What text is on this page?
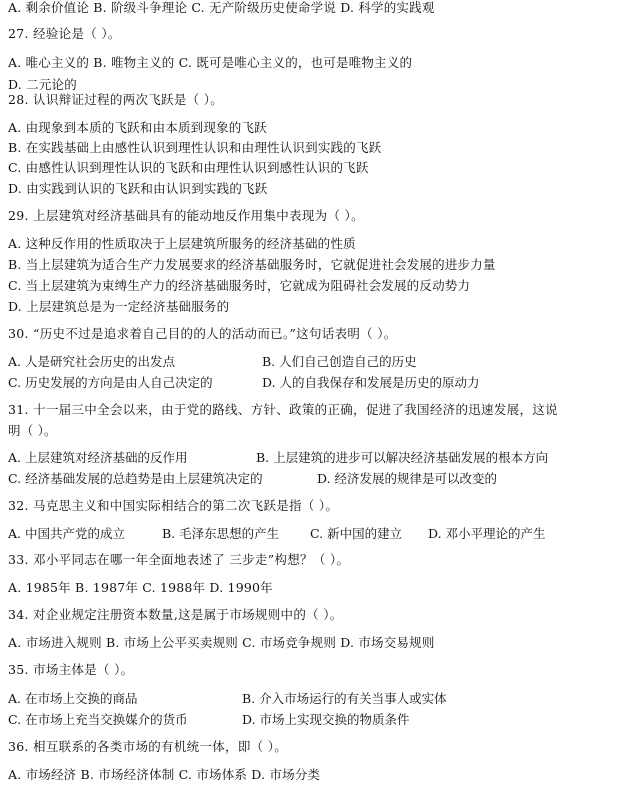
A. 剩余价值论 B. 阶级斗争理论 C. 无产阶级历史使命学说 D. 科学的实践观
27. 经验论是（ ）。
A. 唯心主义的 B. 唯物主义的 C. 既可是唯心主义的，也可是唯物主义的
D. 二元论的
28. 认识辩证过程的两次飞跃是（ ）。
A. 由现象到本质的飞跃和由本质到现象的飞跃
B. 在实践基础上由感性认识到理性认识和由理性认识到实践的飞跃
C. 由感性认识到理性认识的飞跃和由理性认识到感性认识的飞跃
D. 由实践到认识的飞跃和由认识到实践的飞跃
29. 上层建筑对经济基础具有的能动地反作用集中表现为（ ）。
A. 这种反作用的性质取决于上层建筑所服务的经济基础的性质
B. 当上层建筑为适合生产力发展要求的经济基础服务时，它就促进社会发展的进步力量
C. 当上层建筑为束缚生产力的经济基础服务时，它就成为阻碍社会发展的反动势力
D. 上层建筑总是为一定经济基础服务的
30. “历史不过是追求着自己目的的人的活动而已。”这句话表明（ ）。
A. 人是研究社会历史的出发点	B. 人们自己创造自己的历史
C. 历史发展的方向是由人自己决定的	D. 人的自我保存和发展是历史的原动力
31. 十一届三中全会以来，由于党的路线、方针、政策的正确，促进了我国经济的迅速发展，这说
明（ ）。
A. 上层建筑对经济基础的反作用	B. 上层建筑的进步可以解决经济基础发展的根本方向
C. 经济基础发展的总趋势是由上层建筑决定的	D. 经济发展的规律是可以改变的
32. 马克思主义和中国实际相结合的第二次飞跃是指（ ）。
A. 中国共产党的成立	B. 毛泽东思想的产生 C. 新中国的建立 D. 邓小平理论的产生
33. 邓小平同志在哪一年全面地表述了 三步走”构想？（ ）。
A. 1985年 B. 1987年 C. 1988年 D. 1990年
34. 对企业规定注册资本数量,这是属于市场规则中的（ ）。
A. 市场进入规则 B. 市场上公平买卖规则 C. 市场竞争规则 D. 市场交易规则
35. 市场主体是（ ）。
A. 在市场上交换的商品	B. 介入市场运行的有关当事人或实体
C. 在市场上充当交换媒介的货币	D. 市场上实现交换的物质条件
36. 相互联系的各类市场的有机统一体，即（ ）。
A. 市场经济 B. 市场经济体制 C. 市场体系 D. 市场分类
